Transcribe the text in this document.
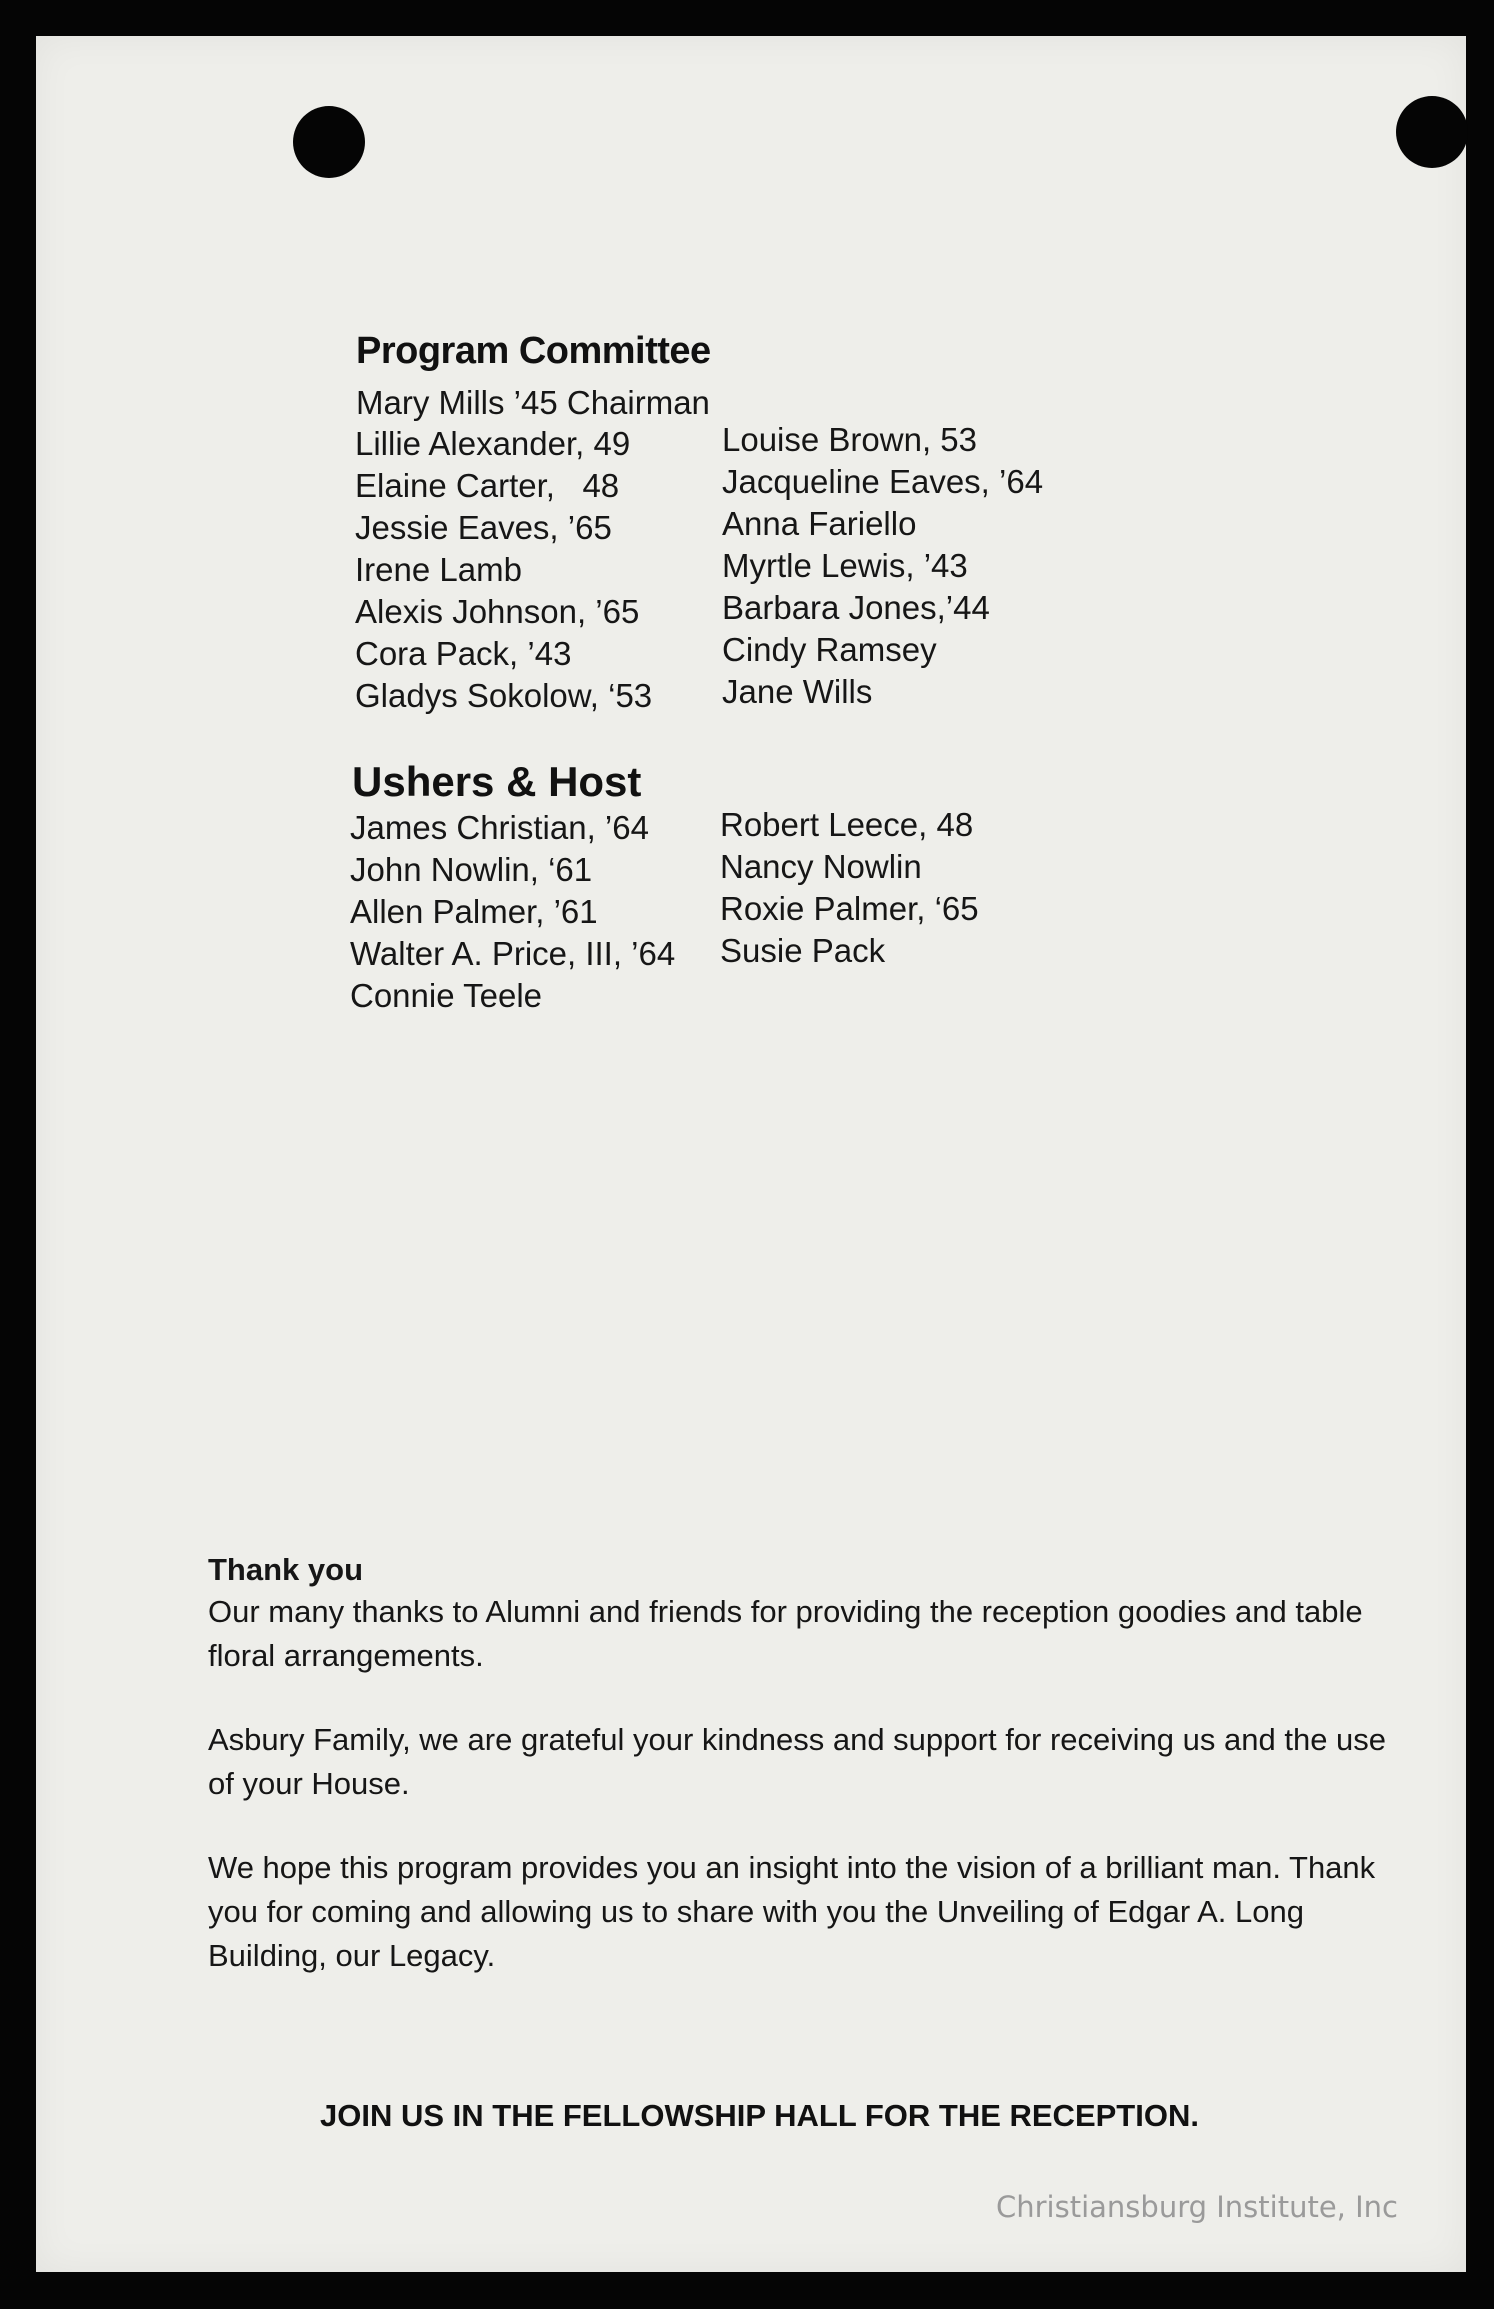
Program Committee
Mary Mills ’45 Chairman
Lillie Alexander, 49
Elaine Carter,   48
Jessie Eaves, ’65
Irene Lamb
Alexis Johnson, ’65
Cora Pack, ’43
Gladys Sokolow, ‘53
Louise Brown, 53
Jacqueline Eaves, ’64
Anna Fariello
Myrtle Lewis, ’43
Barbara Jones,’44
Cindy Ramsey
Jane Wills
Ushers & Host
James Christian, ’64
John Nowlin, ‘61
Allen Palmer, ’61
Walter A. Price, III, ’64
Connie Teele
Robert Leece, 48
Nancy Nowlin
Roxie Palmer, ‘65
Susie Pack
Thank you

Our many thanks to Alumni and friends for providing the reception goodies and table floral arrangements.

Asbury Family, we are grateful your kindness and support for receiving us and the use of your House.

We hope this program provides you an insight into the vision of a brilliant man. Thank you for coming and allowing us to share with you the Unveiling of Edgar A. Long Building, our Legacy.

JOIN US IN THE FELLOWSHIP HALL FOR THE RECEPTION.
Christiansburg Institute, Inc
